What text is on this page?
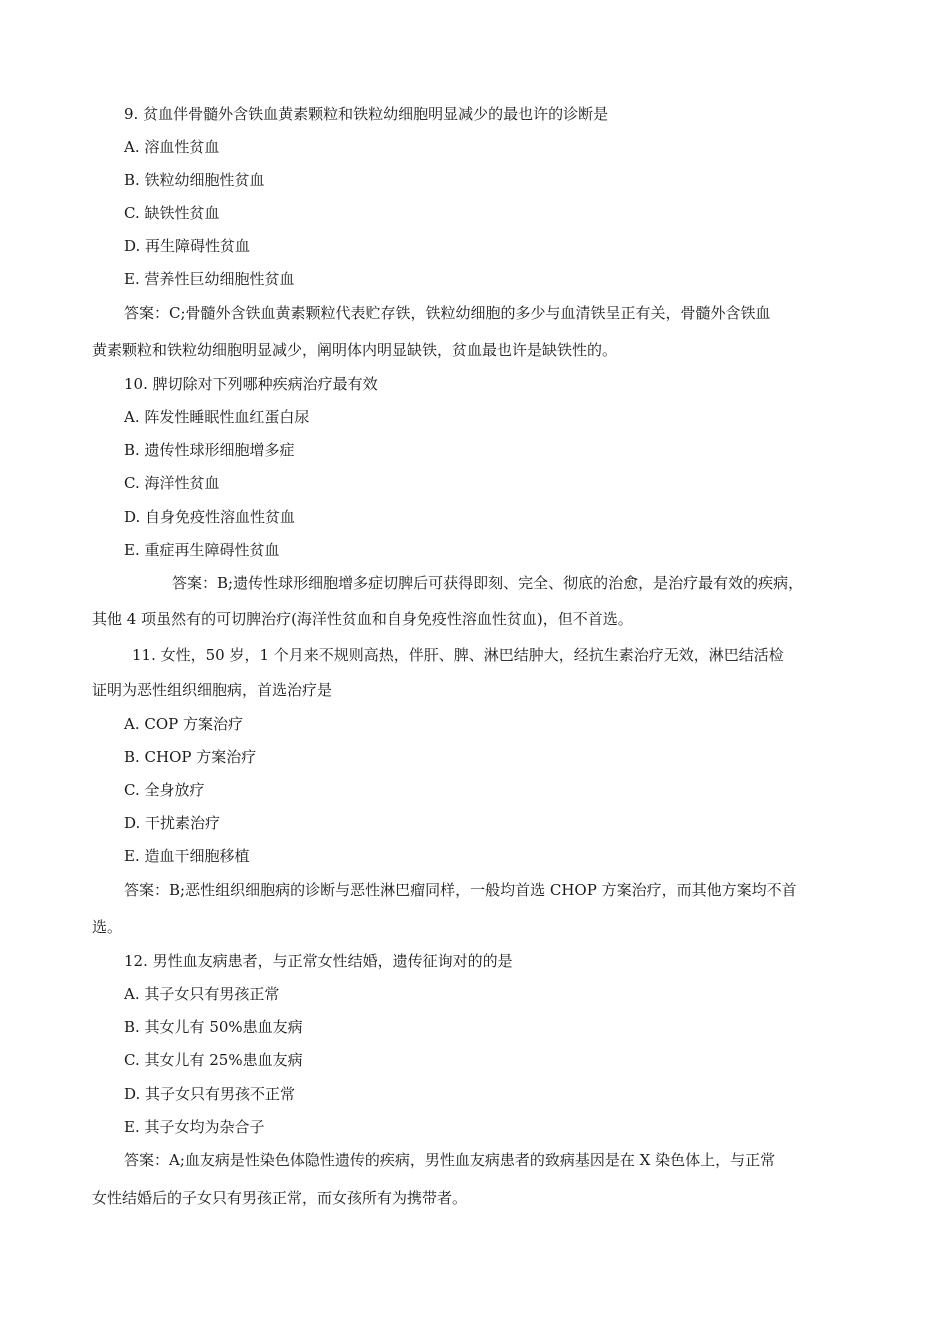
9. 贫血伴骨髓外含铁血黄素颗粒和铁粒幼细胞明显减少的最也许的诊断是
A. 溶血性贫血
B. 铁粒幼细胞性贫血
C. 缺铁性贫血
D. 再生障碍性贫血
E. 营养性巨幼细胞性贫血
答案：C;骨髓外含铁血黄素颗粒代表贮存铁，铁粒幼细胞的多少与血清铁呈正有关，骨髓外含铁血
黄素颗粒和铁粒幼细胞明显减少，阐明体内明显缺铁，贫血最也许是缺铁性的。
10. 脾切除对下列哪种疾病治疗最有效
A. 阵发性睡眠性血红蛋白尿
B. 遗传性球形细胞增多症
C. 海洋性贫血
D. 自身免疫性溶血性贫血
E. 重症再生障碍性贫血
答案：B;遗传性球形细胞增多症切脾后可获得即刻、完全、彻底的治愈，是治疗最有效的疾病，
其他 4 项虽然有的可切脾治疗(海洋性贫血和自身免疫性溶血性贫血)，但不首选。
11. 女性，50 岁，1 个月来不规则高热，伴肝、脾、淋巴结肿大，经抗生素治疗无效，淋巴结活检
证明为恶性组织细胞病，首选治疗是
A. COP 方案治疗
B. CHOP 方案治疗
C. 全身放疗
D. 干扰素治疗
E. 造血干细胞移植
答案：B;恶性组织细胞病的诊断与恶性淋巴瘤同样，一般均首选 CHOP 方案治疗，而其他方案均不首
选。
12. 男性血友病患者，与正常女性结婚，遗传征询对的的是
A. 其子女只有男孩正常
B. 其女儿有 50%患血友病
C. 其女儿有 25%患血友病
D. 其子女只有男孩不正常
E. 其子女均为杂合子
答案：A;血友病是性染色体隐性遗传的疾病，男性血友病患者的致病基因是在 X 染色体上，与正常
女性结婚后的子女只有男孩正常，而女孩所有为携带者。
